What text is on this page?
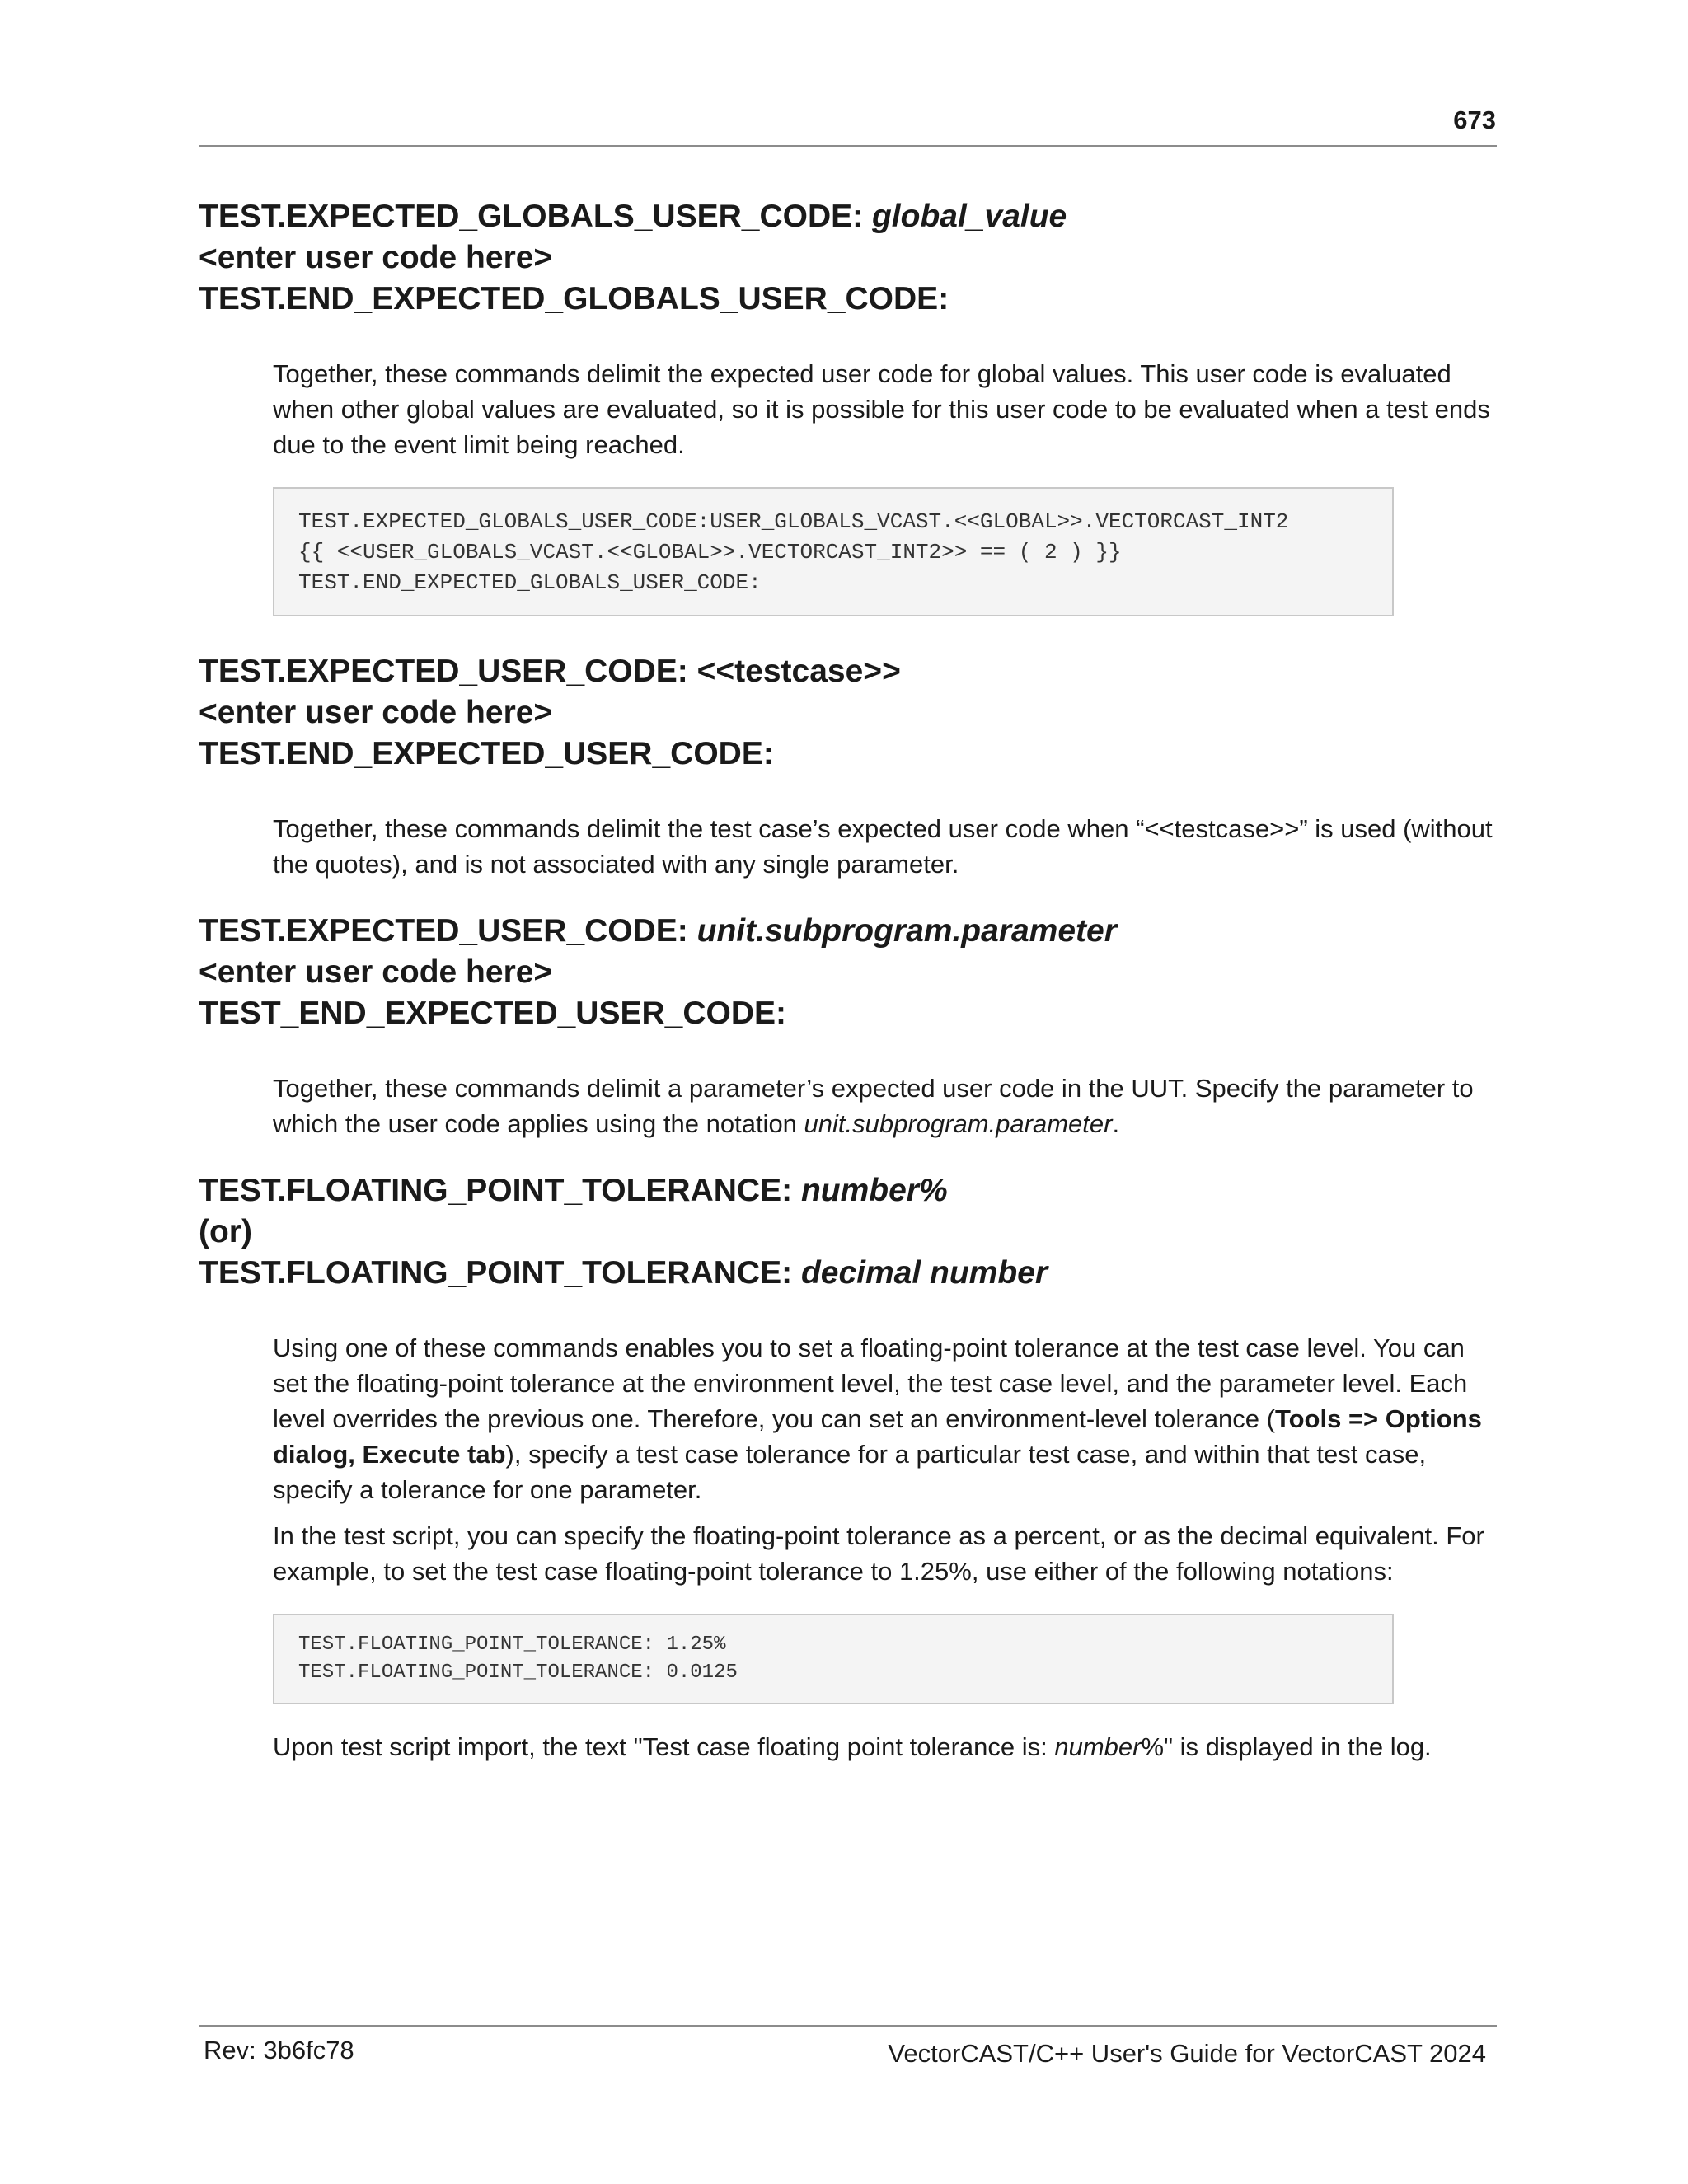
673
TEST.EXPECTED_GLOBALS_USER_CODE: global_value
<enter user code here>
TEST.END_EXPECTED_GLOBALS_USER_CODE:

Together, these commands delimit the expected user code for global values. This user code is evaluated when other global values are evaluated, so it is possible for this user code to be evaluated when a test ends due to the event limit being reached.

TEST.EXPECTED_GLOBALS_USER_CODE:USER_GLOBALS_VCAST.<<GLOBAL>>.VECTORCAST_INT2
{{ <<USER_GLOBALS_VCAST.<<GLOBAL>>.VECTORCAST_INT2>> == ( 2 ) }}
TEST.END_EXPECTED_GLOBALS_USER_CODE:
TEST.EXPECTED_USER_CODE: <<testcase>>
<enter user code here>
TEST.END_EXPECTED_USER_CODE:

Together, these commands delimit the test case’s expected user code when “<<testcase>>” is used (without the quotes), and is not associated with any single parameter.

TEST.EXPECTED_USER_CODE: unit.subprogram.parameter
<enter user code here>
TEST_END_EXPECTED_USER_CODE:

Together, these commands delimit a parameter’s expected user code in the UUT. Specify the parameter to which the user code applies using the notation unit.subprogram.parameter.

TEST.FLOATING_POINT_TOLERANCE: number%
(or)
TEST.FLOATING_POINT_TOLERANCE: decimal number

Using one of these commands enables you to set a floating-point tolerance at the test case level. You can set the floating-point tolerance at the environment level, the test case level, and the parameter level. Each level overrides the previous one. Therefore, you can set an environment-level tolerance (Tools => Options dialog, Execute tab), specify a test case tolerance for a particular test case, and within that test case, specify a tolerance for one parameter.

In the test script, you can specify the floating-point tolerance as a percent, or as the decimal equivalent. For example, to set the test case floating-point tolerance to 1.25%, use either of the following notations:

TEST.FLOATING_POINT_TOLERANCE: 1.25%
TEST.FLOATING_POINT_TOLERANCE: 0.0125

Upon test script import, the text "Test case floating point tolerance is: number%" is displayed in the log.

Rev: 3b6fc78	VectorCAST/C++ User's Guide for VectorCAST 2024
